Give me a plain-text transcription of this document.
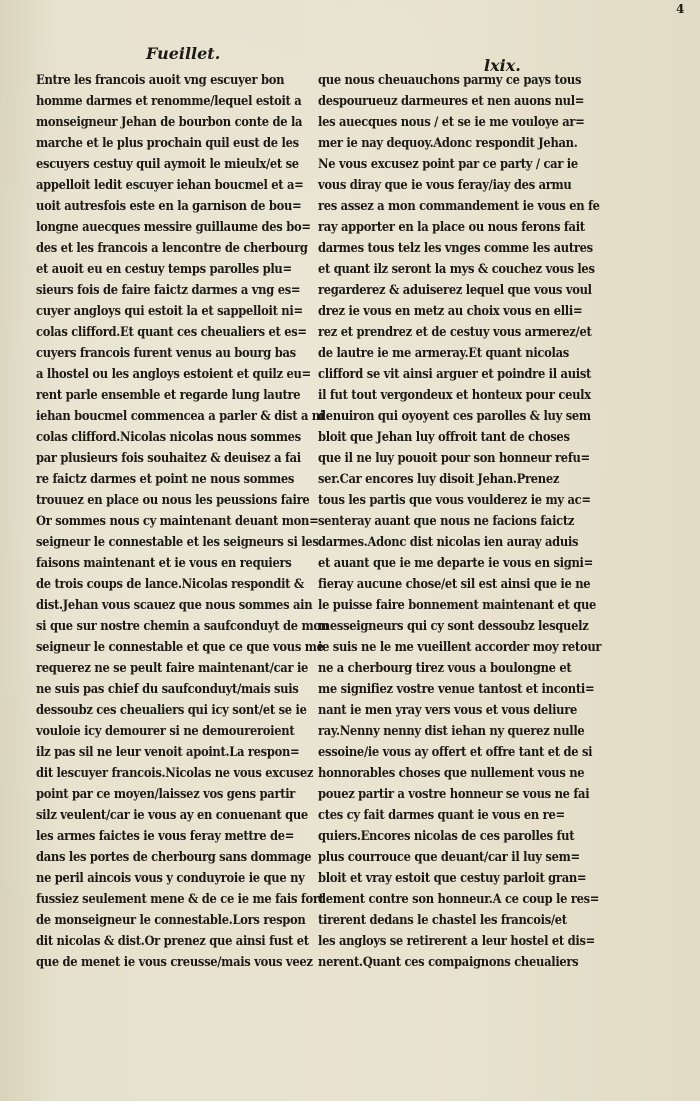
4
Fueillet.
lxix.
Entre les francois auoit vng escuyer bon
homme darmes et renomme/lequel estoit a
monseigneur Jehan de bourbon conte de la
marche et le plus prochain quil eust de les
escuyers cestuy quil aymoit le mieulx/et se
appelloit ledit escuyer iehan boucmel et a=
uoit autresfois este en la garnison de bou=
longne auecques messire guillaume des bo=
des et les francois a lencontre de cherbourg
et auoit eu en cestuy temps parolles plu=
sieurs fois de faire faictz darmes a vng es=
cuyer angloys qui estoit la et sappelloit ni=
colas clifford.Et quant ces cheualiers et es=
cuyers francois furent venus au bourg bas
a lhostel ou les angloys estoient et quilz eu=
rent parle ensemble et regarde lung lautre
iehan boucmel commencea a parler & dist a ni
colas clifford.Nicolas nicolas nous sommes
par plusieurs fois souhaitez & deuisez a fai
re faictz darmes et point ne nous sommes
trouuez en place ou nous les peussions faire
Or sommes nous cy maintenant deuant mon=
seigneur le connestable et les seigneurs si les
faisons maintenant et ie vous en requiers
de trois coups de lance.Nicolas respondit &
dist.Jehan vous scauez que nous sommes ain
si que sur nostre chemin a saufconduyt de mon
seigneur le connestable et que ce que vous me
requerez ne se peult faire maintenant/car ie
ne suis pas chief du saufconduyt/mais suis
dessoubz ces cheualiers qui icy sont/et se ie
vouloie icy demourer si ne demoureroient
ilz pas sil ne leur venoit apoint.La respon=
dit lescuyer francois.Nicolas ne vous excusez
point par ce moyen/laissez vos gens partir
silz veulent/car ie vous ay en conuenant que
les armes faictes ie vous feray mettre de=
dans les portes de cherbourg sans dommage
ne peril aincois vous y conduyroie ie que ny
fussiez seulement mene & de ce ie me fais fort
de monseigneur le connestable.Lors respon
dit nicolas & dist.Or prenez que ainsi fust et
que de menet ie vous creusse/mais vous veez
que nous cheuauchons parmy ce pays tous
despourueuz darmeures et nen auons nul=
les auecques nous / et se ie me vouloye ar=
mer ie nay dequoy.Adonc respondit Jehan.
Ne vous excusez point par ce party / car ie
vous diray que ie vous feray/iay des armu
res assez a mon commandement ie vous en fe
ray apporter en la place ou nous ferons fait
darmes tous telz les vnges comme les autres
et quant ilz seront la mys & couchez vous les
regarderez & aduiserez lequel que vous voul
drez ie vous en metz au choix vous en elli=
rez et prendrez et de cestuy vous armerez/et
de lautre ie me armeray.Et quant nicolas
clifford se vit ainsi arguer et poindre il auist
il fut tout vergondeux et honteux pour ceulx
denuiron qui oyoyent ces parolles & luy sem
bloit que Jehan luy offroit tant de choses
que il ne luy pouoit pour son honneur refu=
ser.Car encores luy disoit Jehan.Prenez
tous les partis que vous voulderez ie my ac=
senteray auant que nous ne facions faictz
darmes.Adonc dist nicolas ien auray aduis
et auant que ie me departe ie vous en signi=
fieray aucune chose/et sil est ainsi que ie ne
le puisse faire bonnement maintenant et que
messeigneurs qui cy sont dessoubz lesquelz
ie suis ne le me vueillent accorder moy retour
ne a cherbourg tirez vous a boulongne et
me signifiez vostre venue tantost et inconti=
nant ie men yray vers vous et vous deliure
ray.Nenny nenny dist iehan ny querez nulle
essoine/ie vous ay offert et offre tant et de si
honnorables choses que nullement vous ne
pouez partir a vostre honneur se vous ne fai
ctes cy fait darmes quant ie vous en re=
quiers.Encores nicolas de ces parolles fut
plus courrouce que deuant/car il luy sem=
bloit et vray estoit que cestuy parloit gran=
dement contre son honneur.A ce coup le res=
tirerent dedans le chastel les francois/et
les angloys se retirerent a leur hostel et dis=
nerent.Quant ces compaignons cheualiers
